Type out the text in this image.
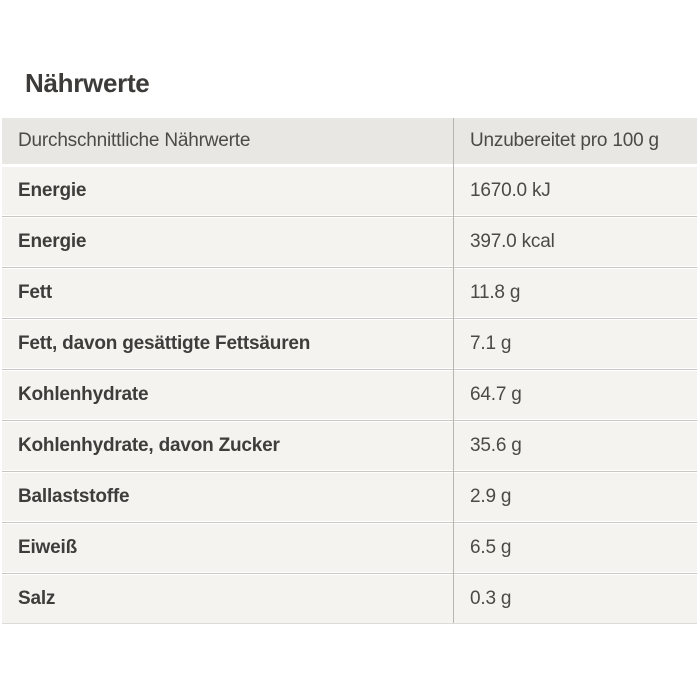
Nährwerte
Durchschnittliche Nährwerte	Unzubereitet pro 100 g
Energie	1670.0 kJ
Energie	397.0 kcal
Fett	11.8 g
Fett, davon gesättigte Fettsäuren	7.1 g
Kohlenhydrate	64.7 g
Kohlenhydrate, davon Zucker	35.6 g
Ballaststoffe	2.9 g
Eiweiß	6.5 g
Salz	0.3 g
